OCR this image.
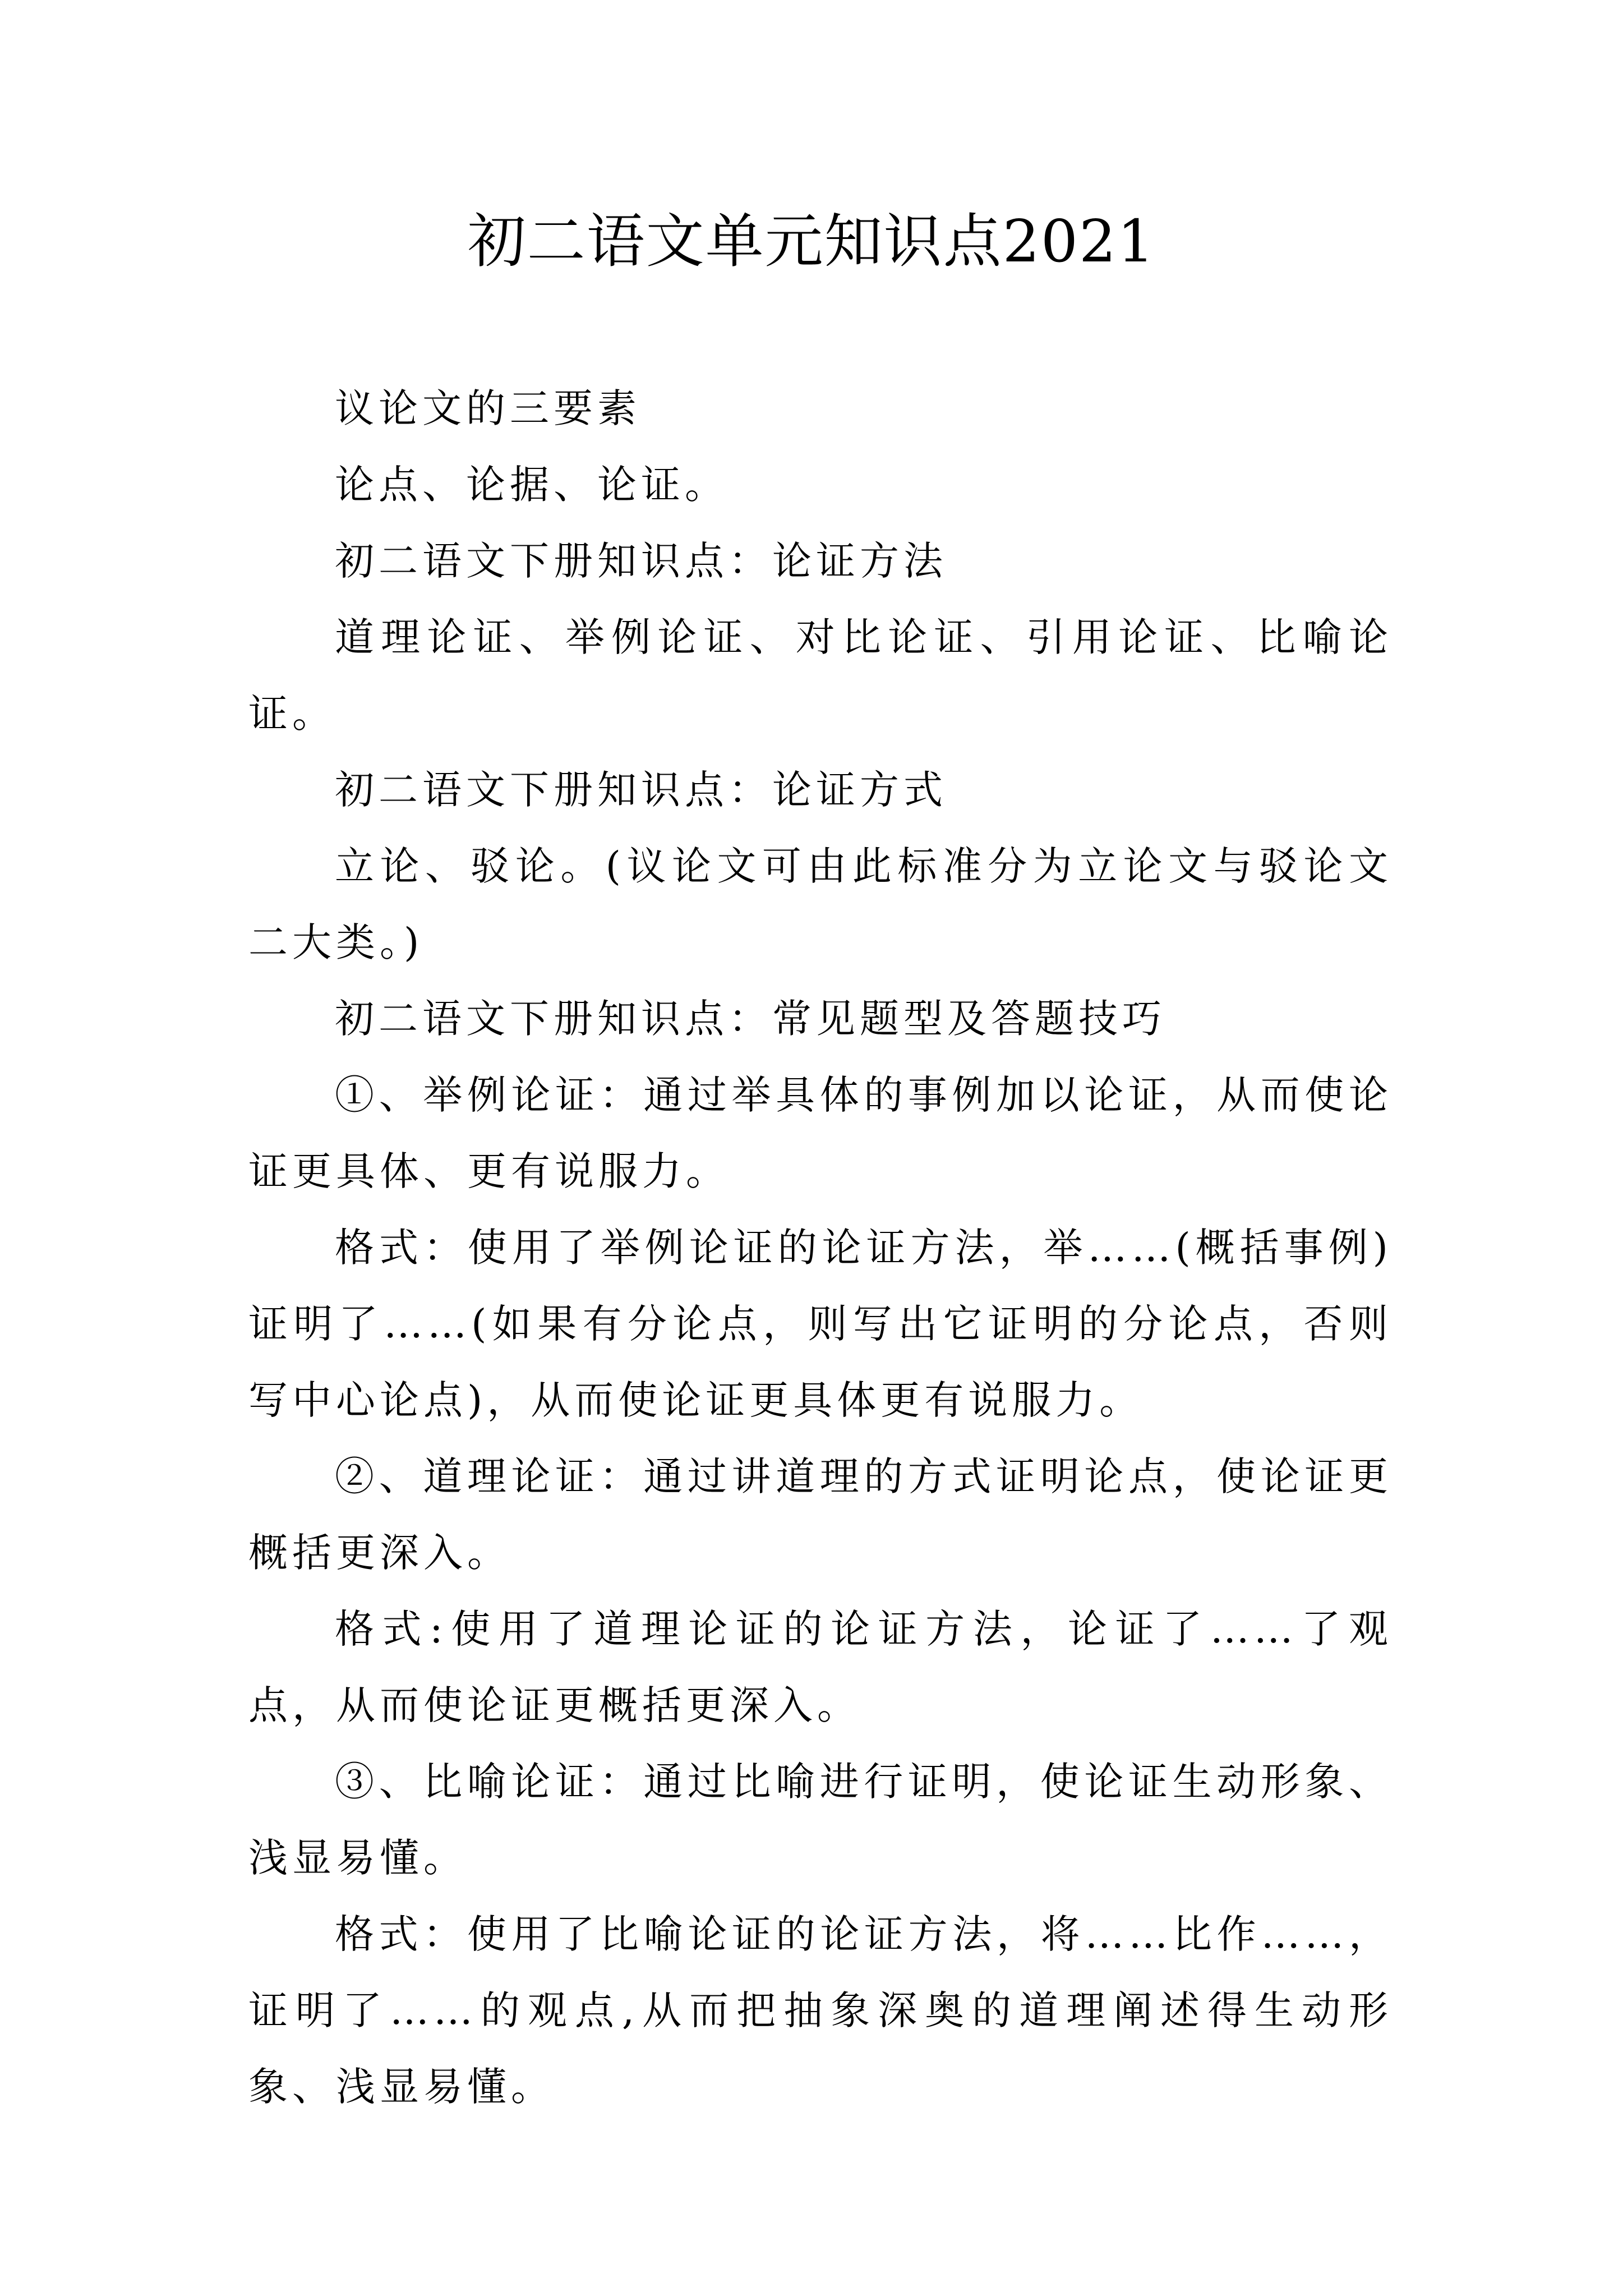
初二语文单元知识点2021

议论文的三要素

论点、论据、论证。

初二语文下册知识点：论证方法

道理论证、举例论证、对比论证、引用论证、比喻论证。

初二语文下册知识点：论证方式

立论、驳论。(议论文可由此标准分为立论文与驳论文二大类。)

初二语文下册知识点：常见题型及答题技巧

①、举例论证：通过举具体的事例加以论证，从而使论证更具体、更有说服力。

格式：使用了举例论证的论证方法，举……(概括事例)证明了……(如果有分论点，则写出它证明的分论点，否则写中心论点)，从而使论证更具体更有说服力。

②、道理论证：通过讲道理的方式证明论点，使论证更概括更深入。

格式:使用了道理论证的论证方法，论证了……了观点，从而使论证更概括更深入。

③、比喻论证：通过比喻进行证明，使论证生动形象、浅显易懂。

格式：使用了比喻论证的论证方法，将……比作……，证明了……的观点,从而把抽象深奥的道理阐述得生动形象、浅显易懂。
